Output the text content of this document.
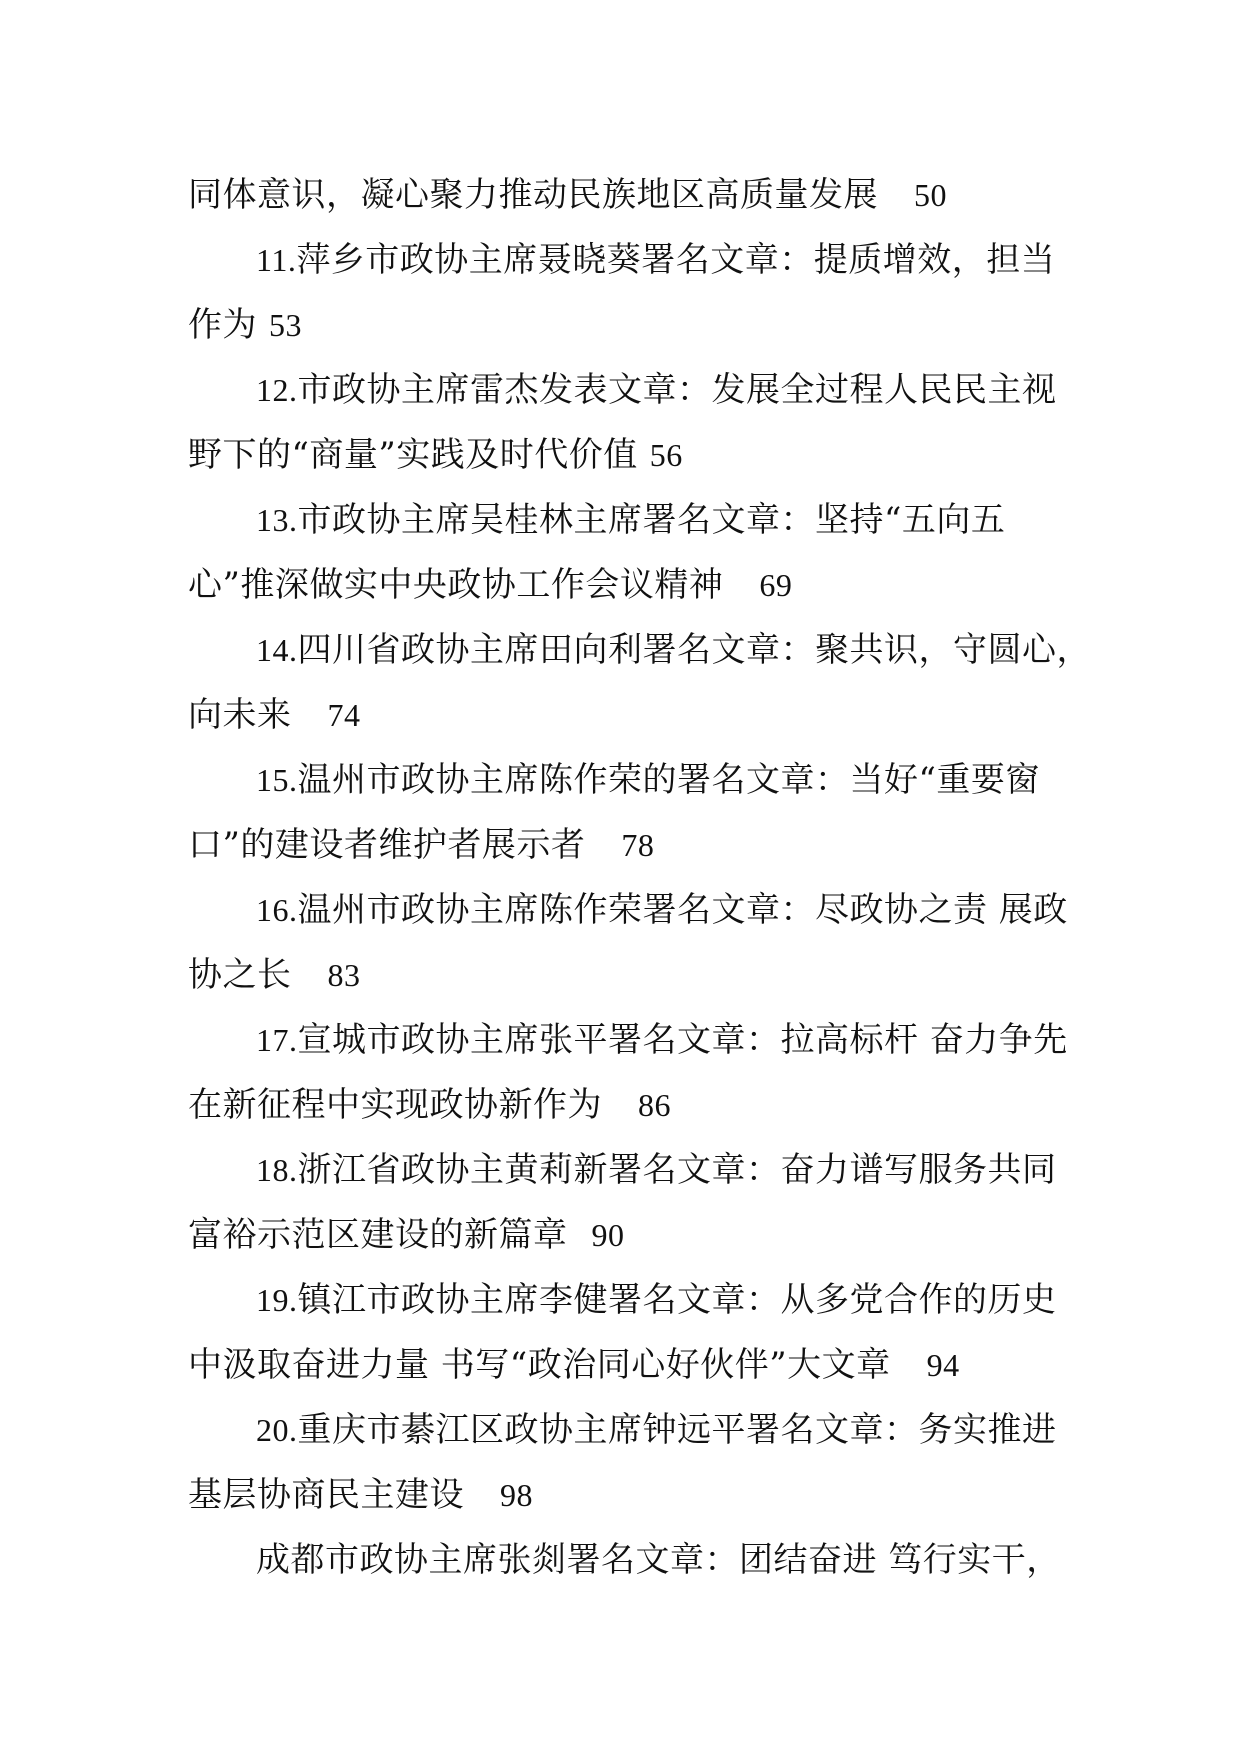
同体意识，凝心聚力推动民族地区高质量发展 50
11.萍乡市政协主席聂晓葵署名文章：提质增效，担当
作为 53
12.市政协主席雷杰发表文章：发展全过程人民民主视
野下的“商量”实践及时代价值 56
13.市政协主席吴桂林主席署名文章：坚持“五向五
心”推深做实中央政协工作会议精神 69
14.四川省政协主席田向利署名文章：聚共识，守圆心，
向未来 74
15.温州市政协主席陈作荣的署名文章：当好“重要窗
口”的建设者维护者展示者 78
16.温州市政协主席陈作荣署名文章：尽政协之责 展政
协之长 83
17.宣城市政协主席张平署名文章：拉高标杆 奋力争先
在新征程中实现政协新作为 86
18.浙江省政协主黄莉新署名文章：奋力谱写服务共同
富裕示范区建设的新篇章 90
19.镇江市政协主席李健署名文章：从多党合作的历史
中汲取奋进力量 书写“政治同心好伙伴”大文章 94
20.重庆市綦江区政协主席钟远平署名文章：务实推进
基层协商民主建设 98
成都市政协主席张剡署名文章：团结奋进 笃行实干，
